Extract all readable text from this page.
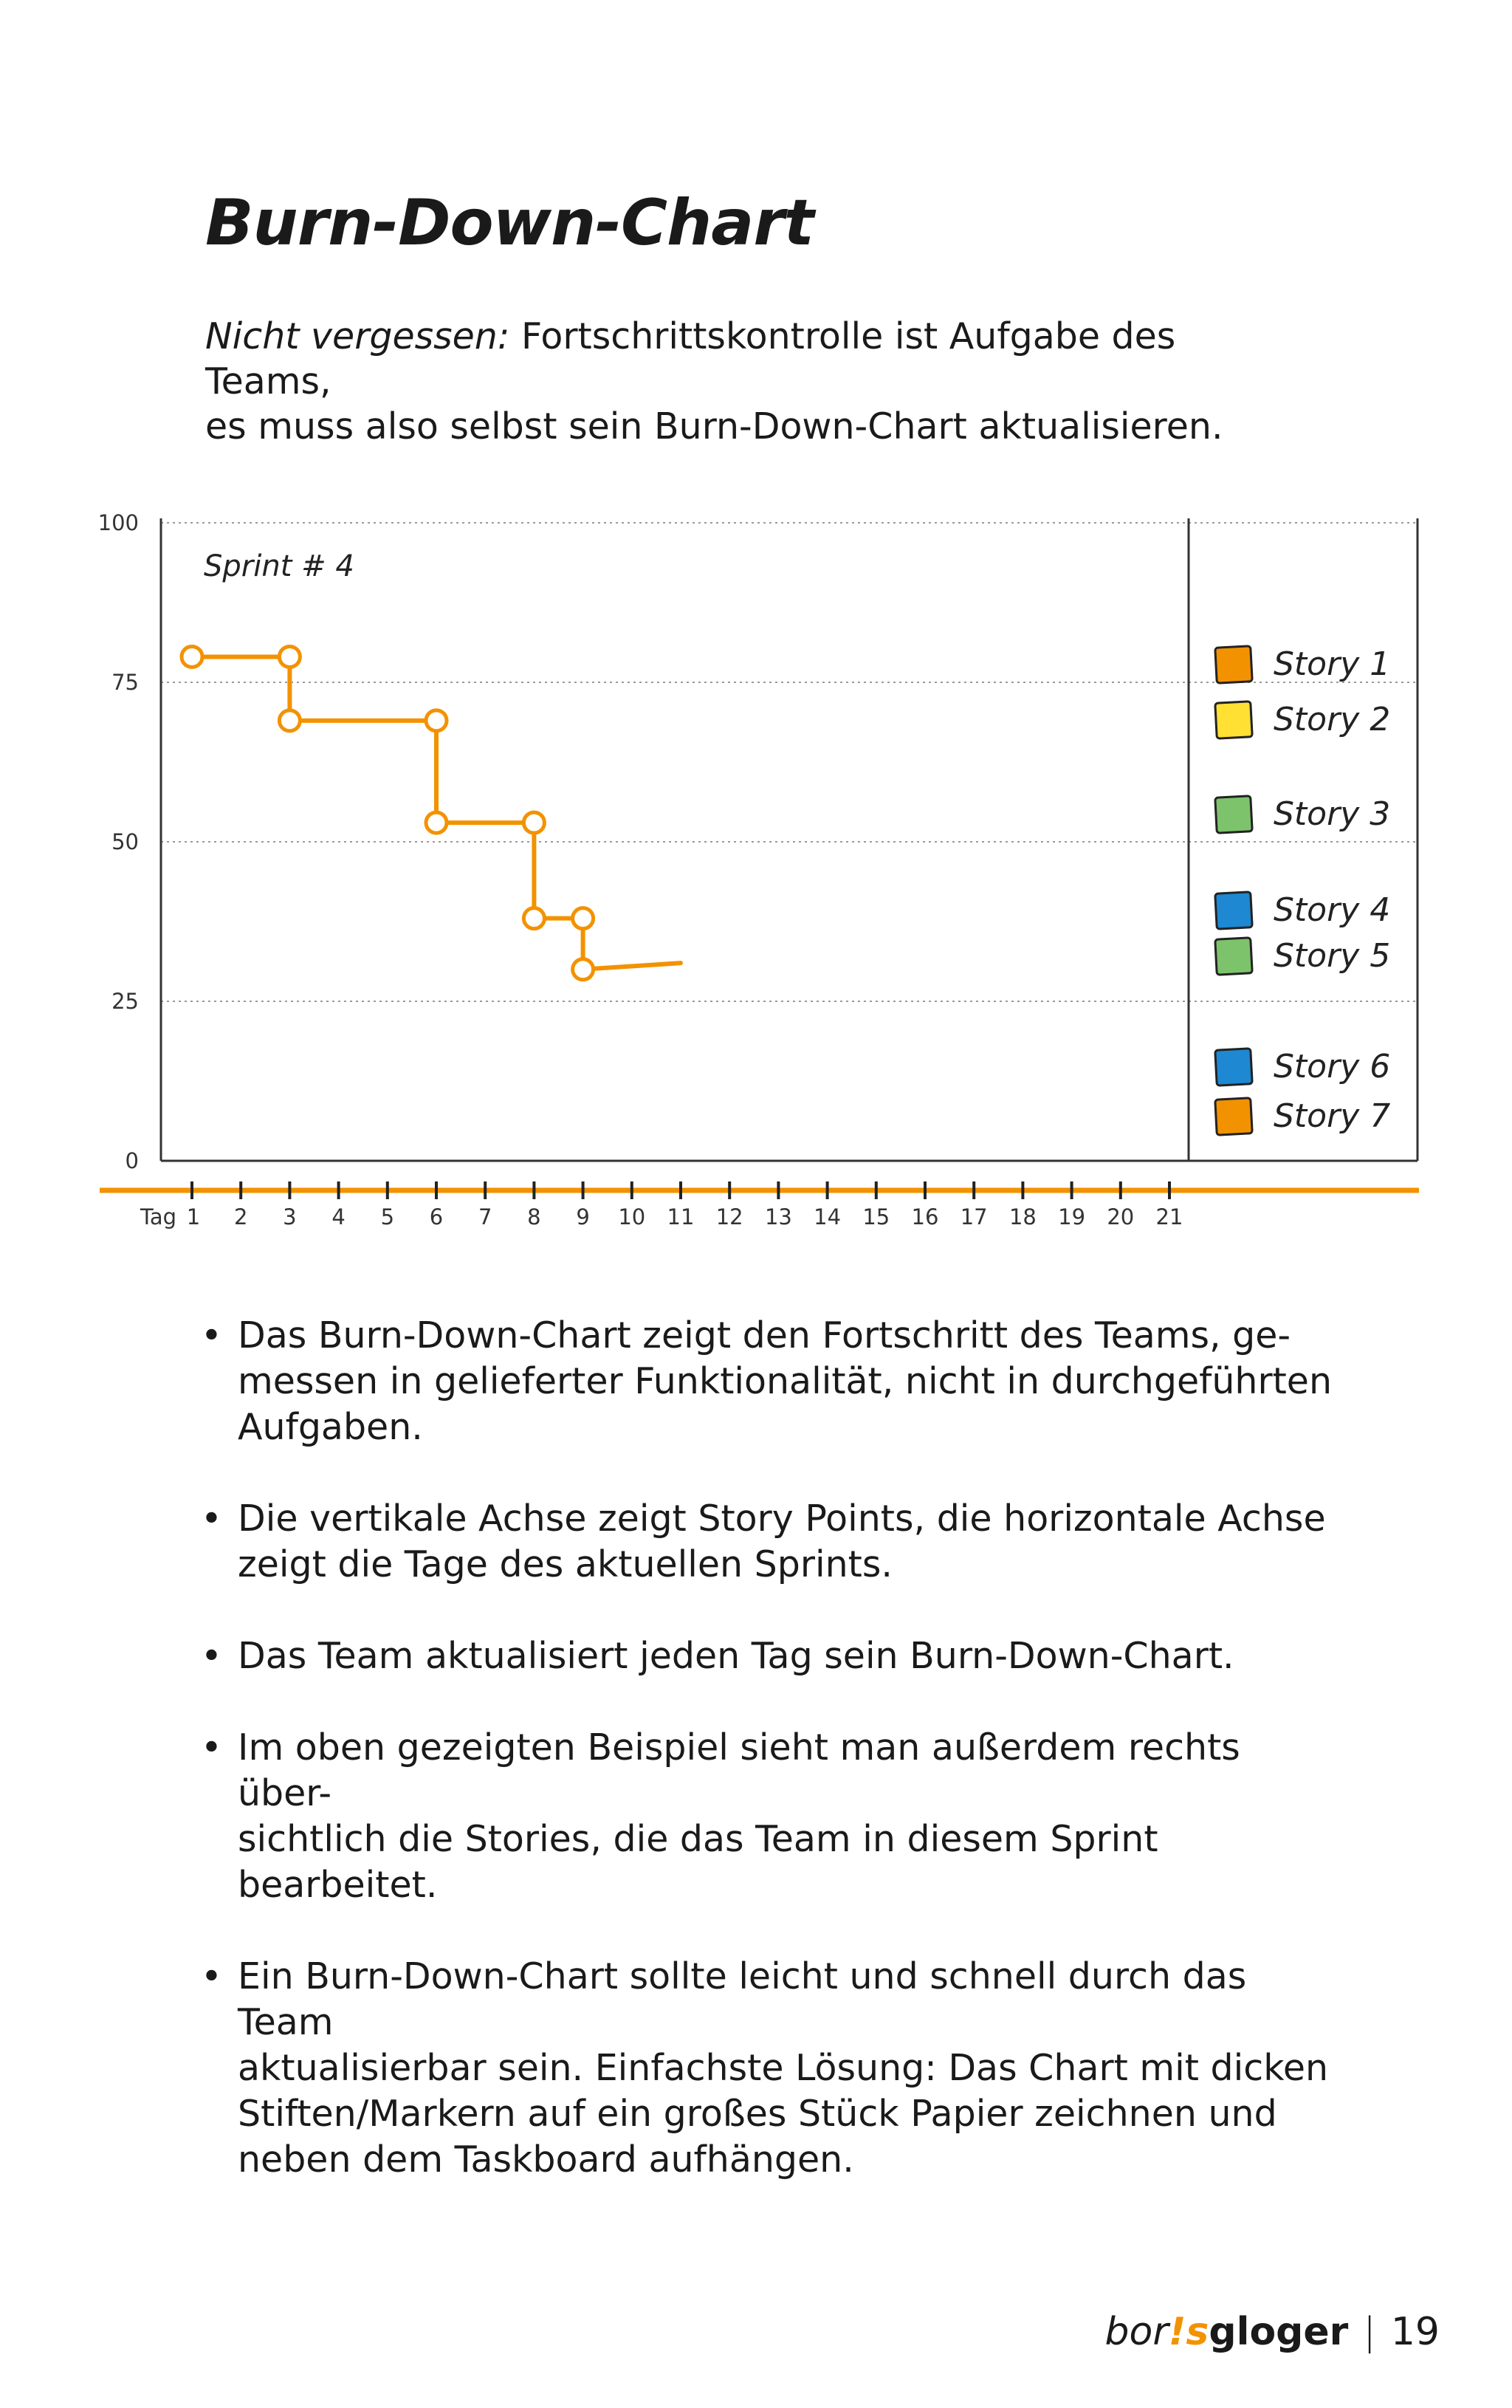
Burn-Down-Chart
Nicht vergessen: Fortschrittskontrolle ist Aufgabe des Teams,
es muss also selbst sein Burn-Down-Chart aktualisieren.
0
25
50
75
100
Tag 1 2 3 4 5 6 7 8 9 10 11 12 13 14 15 16 17 18 19 20 21
Sprint # 4
Story 1
Story 2
Story 3
Story 4
Story 5
Story 6
Story 7
• Das Burn-Down-Chart zeigt den Fortschritt des Teams, ge-
messen in gelieferter Funktionalität, nicht in durchgeführten
Aufgaben.
• Die vertikale Achse zeigt Story Points, die horizontale Achse
zeigt die Tage des aktuellen Sprints.
• Das Team aktualisiert jeden Tag sein Burn-Down-Chart.
• Im oben gezeigten Beispiel sieht man außerdem rechts über-
sichtlich die Stories, die das Team in diesem Sprint bearbeitet.
• Ein Burn-Down-Chart sollte leicht und schnell durch das Team
aktualisierbar sein. Einfachste Lösung: Das Chart mit dicken
Stiften/Markern auf ein großes Stück Papier zeichnen und
neben dem Taskboard aufhängen.
bor!sgloger | 19
